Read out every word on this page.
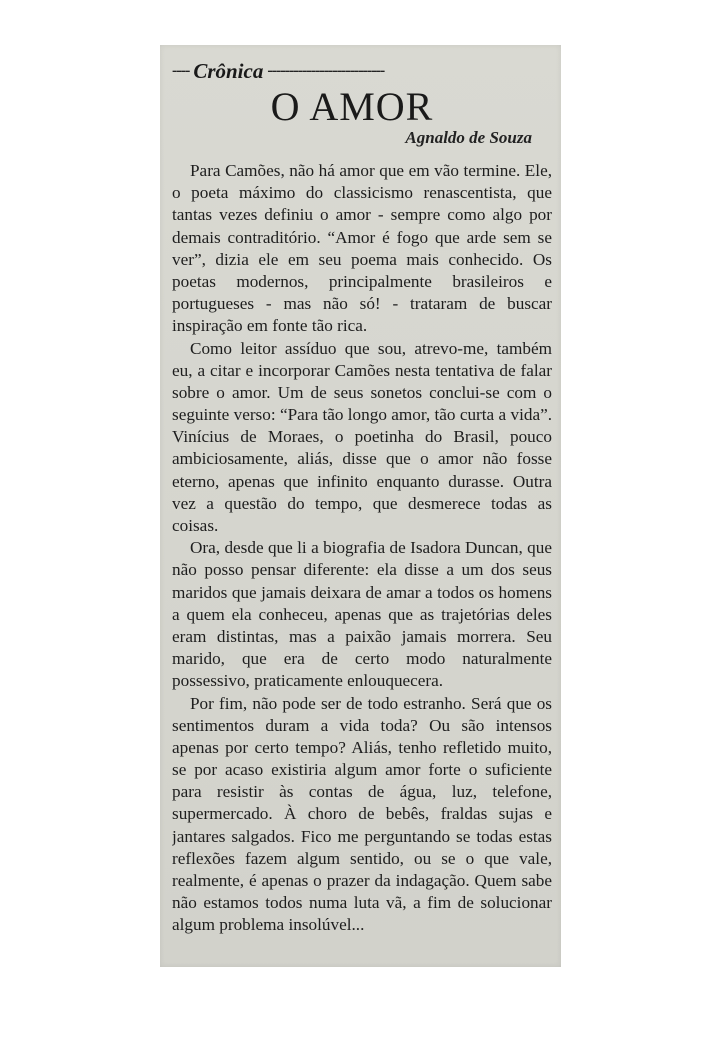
---- Crônica ---------------------------
O AMOR
Agnaldo de Souza
Para Camões, não há amor que em vão termine. Ele,
o poeta máximo do classicismo renascentista, que
tantas vezes definiu o amor - sempre como algo por
demais contraditório. “Amor é fogo que arde sem se
ver”, dizia ele em seu poema mais conhecido. Os
poetas modernos, principalmente brasileiros e
portugueses - mas não só! - trataram de buscar
inspiração em fonte tão rica.
Como leitor assíduo que sou, atrevo-me, também
eu, a citar e incorporar Camões nesta tentativa de falar
sobre o amor. Um de seus sonetos conclui-se com o
seguinte verso: “Para tão longo amor, tão curta a vida”.
Vinícius de Moraes, o poetinha do Brasil, pouco
ambiciosamente, aliás, disse que o amor não fosse
eterno, apenas que infinito enquanto durasse. Outra
vez a questão do tempo, que desmerece todas as
coisas.
Ora, desde que li a biografia de Isadora Duncan, que
não posso pensar diferente: ela disse a um dos seus
maridos que jamais deixara de amar a todos os homens
a quem ela conheceu, apenas que as trajetórias deles
eram distintas, mas a paixão jamais morrera. Seu
marido, que era de certo modo naturalmente
possessivo, praticamente enlouquecera.
Por fim, não pode ser de todo estranho. Será que os
sentimentos duram a vida toda? Ou são intensos
apenas por certo tempo? Aliás, tenho refletido muito,
se por acaso existiria algum amor forte o suficiente
para resistir às contas de água, luz, telefone,
supermercado. À choro de bebês, fraldas sujas e
jantares salgados. Fico me perguntando se todas estas
reflexões fazem algum sentido, ou se o que vale,
realmente, é apenas o prazer da indagação. Quem sabe
não estamos todos numa luta vã, a fim de solucionar
algum problema insolúvel...
